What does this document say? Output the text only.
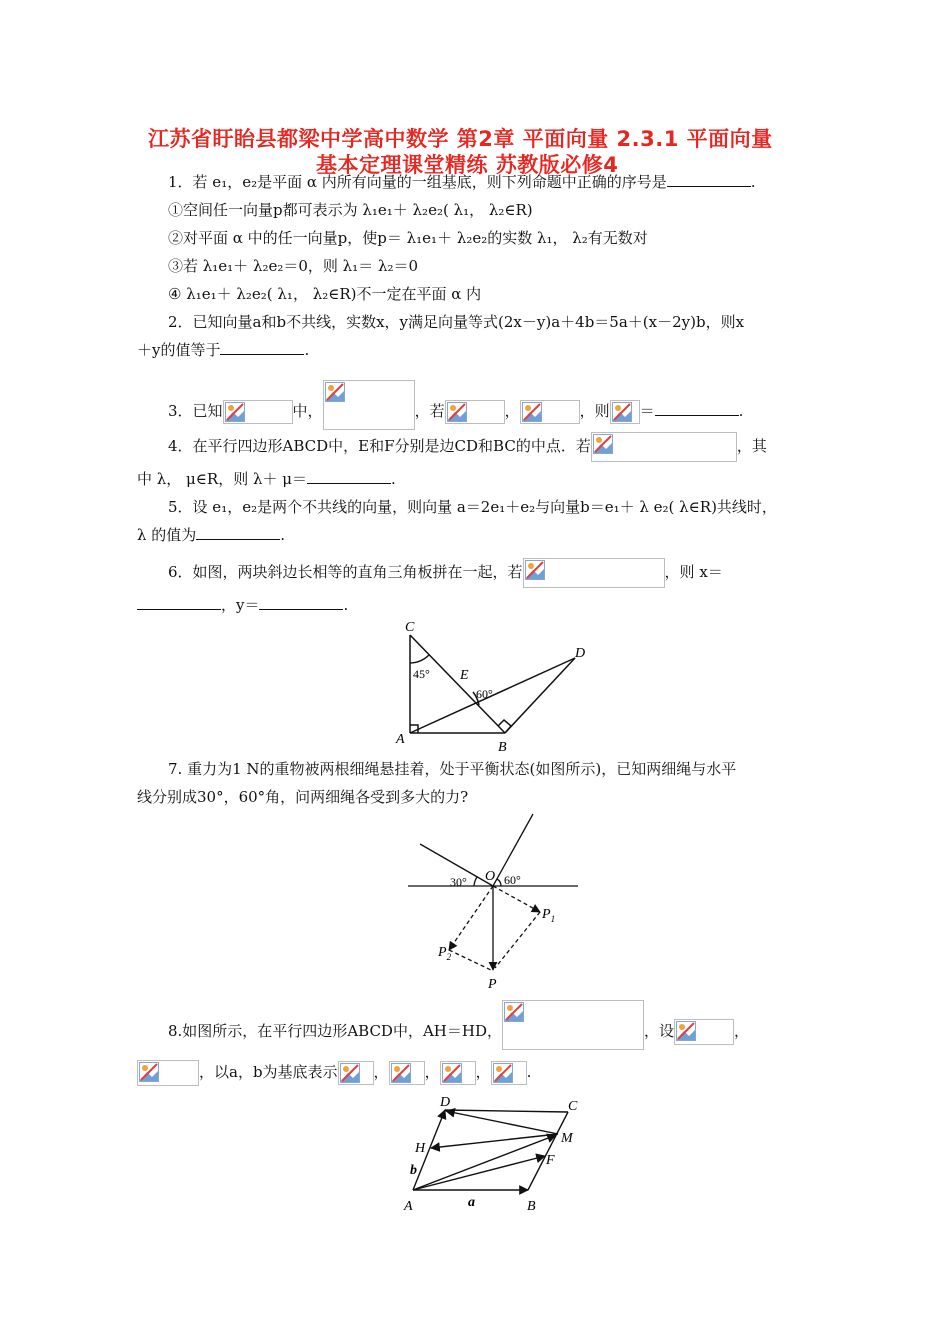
江苏省盱眙县都梁中学高中数学 第2章 平面向量 2.3.1 平面向量
基本定理课堂精练 苏教版必修4
1．若 e₁，e₂是平面 α 内所有向量的一组基底，则下列命题中正确的序号是	.
①空间任一向量p都可表示为 λ₁e₁＋ λ₂e₂( λ₁， λ₂∈R)
②对平面 α 中的任一向量p，使p＝ λ₁e₁＋ λ₂e₂的实数 λ₁， λ₂有无数对
③若 λ₁e₁＋ λ₂e₂＝0，则 λ₁＝ λ₂＝0
④ λ₁e₁＋ λ₂e₂( λ₁， λ₂∈R)不一定在平面 α 内
2．已知向量a和b不共线，实数x，y满足向量等式(2x－y)a＋4b＝5a＋(x－2y)b，则x
＋y的值等于	.
3．已知	中，	，若	，	，则 ＝	.
4．在平行四边形ABCD中，E和F分别是边CD和BC的中点．若	，其
中 λ， μ∈R，则 λ＋ μ＝	.
5．设 e₁，e₂是两个不共线的向量，则向量 a＝2e₁＋e₂与向量b＝e₁＋ λ e₂( λ∈R)共线时，
λ 的值为	.
6．如图，两块斜边长相等的直角三角板拼在一起，若	，则 x＝
，y＝	.
C
A
B
D
E
45°
60°
7. 重力为1 N的重物被两根细绳悬挂着，处于平衡状态(如图所示)，已知两细绳与水平
线分别成30°，60°角，问两细绳各受到多大的力?
O
30°	60°
$P_1$
$P_2$
P
8.如图所示，在平行四边形ABCD中，AH＝HD，	，设	，
，以a，b为基底表示 ， ， ， .
A	B
C
D
H
M
F
a
b
